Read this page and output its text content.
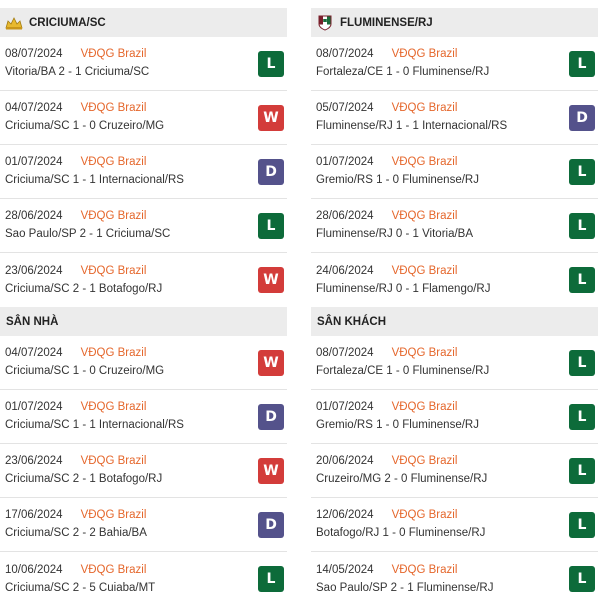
CRICIUMA/SC
08/07/2024 VĐQG Brazil
Vitoria/BA 2 - 1 Criciuma/SC
L
04/07/2024 VĐQG Brazil
Criciuma/SC 1 - 0 Cruzeiro/MG
W
01/07/2024 VĐQG Brazil
Criciuma/SC 1 - 1 Internacional/RS
D
28/06/2024 VĐQG Brazil
Sao Paulo/SP 2 - 1 Criciuma/SC
L
23/06/2024 VĐQG Brazil
Criciuma/SC 2 - 1 Botafogo/RJ
W
FLUMINENSE/RJ
08/07/2024 VĐQG Brazil
Fortaleza/CE 1 - 0 Fluminense/RJ
L
05/07/2024 VĐQG Brazil
Fluminense/RJ 1 - 1 Internacional/RS
D
01/07/2024 VĐQG Brazil
Gremio/RS 1 - 0 Fluminense/RJ
L
28/06/2024 VĐQG Brazil
Fluminense/RJ 0 - 1 Vitoria/BA
L
24/06/2024 VĐQG Brazil
Fluminense/RJ 0 - 1 Flamengo/RJ
L
SÂN NHÀ
04/07/2024 VĐQG Brazil
Criciuma/SC 1 - 0 Cruzeiro/MG
W
01/07/2024 VĐQG Brazil
Criciuma/SC 1 - 1 Internacional/RS
D
23/06/2024 VĐQG Brazil
Criciuma/SC 2 - 1 Botafogo/RJ
W
17/06/2024 VĐQG Brazil
Criciuma/SC 2 - 2 Bahia/BA
D
10/06/2024 VĐQG Brazil
Criciuma/SC 2 - 5 Cuiaba/MT
L
SÂN KHÁCH
08/07/2024 VĐQG Brazil
Fortaleza/CE 1 - 0 Fluminense/RJ
L
01/07/2024 VĐQG Brazil
Gremio/RS 1 - 0 Fluminense/RJ
L
20/06/2024 VĐQG Brazil
Cruzeiro/MG 2 - 0 Fluminense/RJ
L
12/06/2024 VĐQG Brazil
Botafogo/RJ 1 - 0 Fluminense/RJ
L
14/05/2024 VĐQG Brazil
Sao Paulo/SP 2 - 1 Fluminense/RJ
L
